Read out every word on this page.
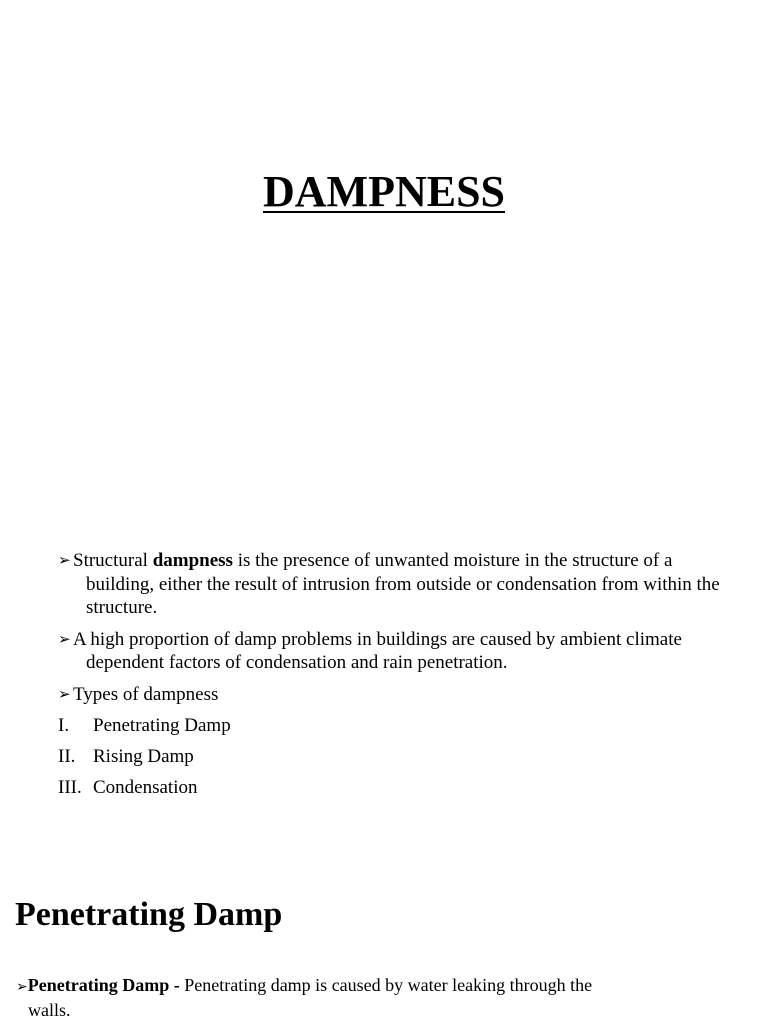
DAMPNESS
➢ Structural dampness is the presence of unwanted moisture in the structure of a building, either the result of intrusion from outside or condensation from within the structure.
➢ A high proportion of damp problems in buildings are caused by ambient climate dependent factors of condensation and rain penetration.
➢ Types of dampness
I.	Penetrating Damp
II. Rising Damp
III. Condensation
Penetrating Damp
➢Penetrating Damp - Penetrating damp is caused by water leaking through the
walls.
